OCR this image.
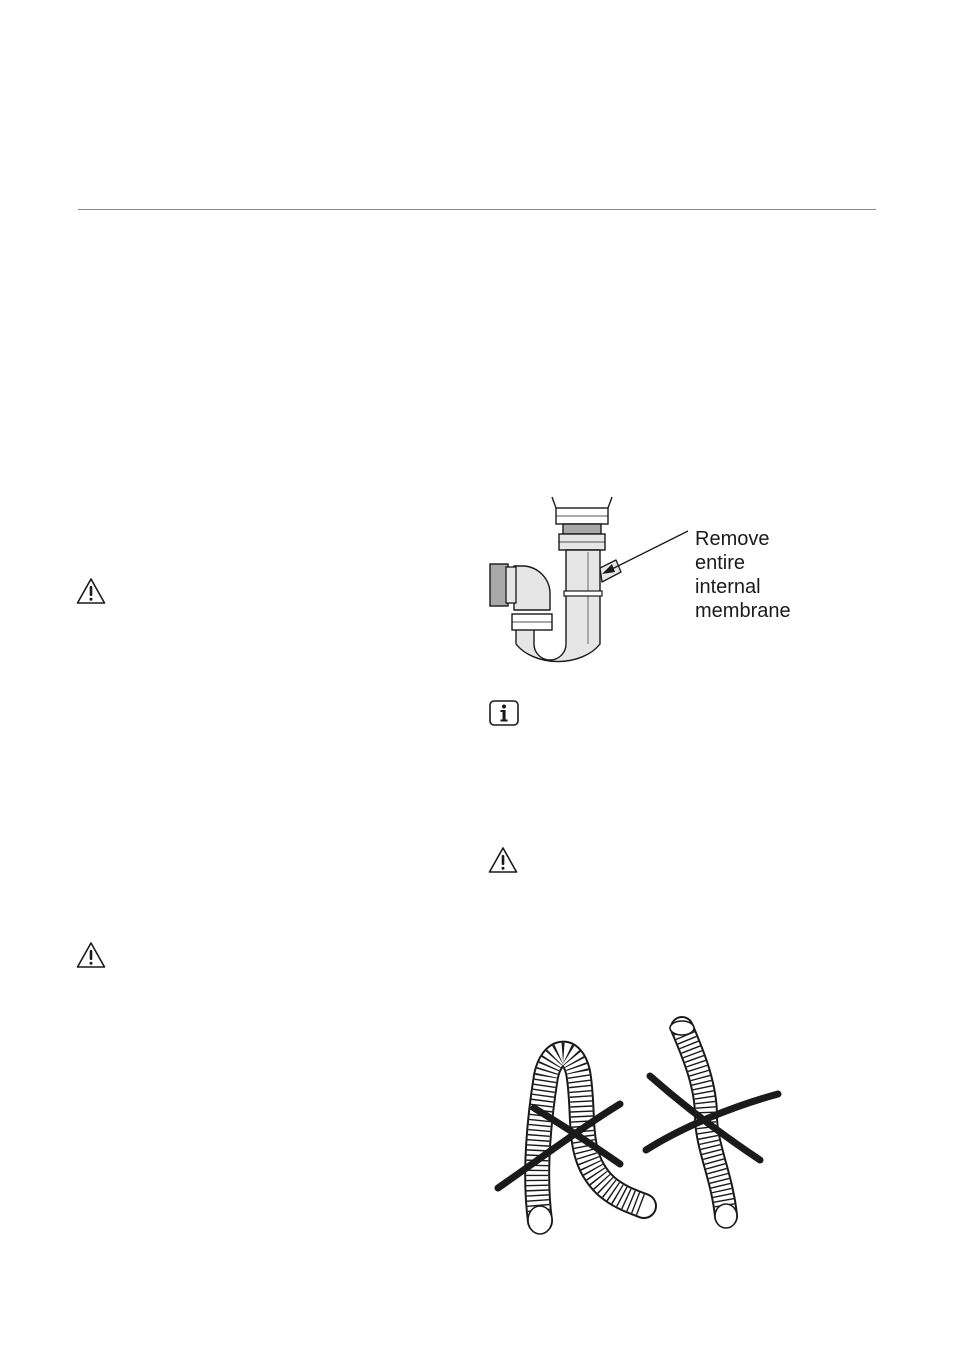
Remove
entire
internal
membrane
